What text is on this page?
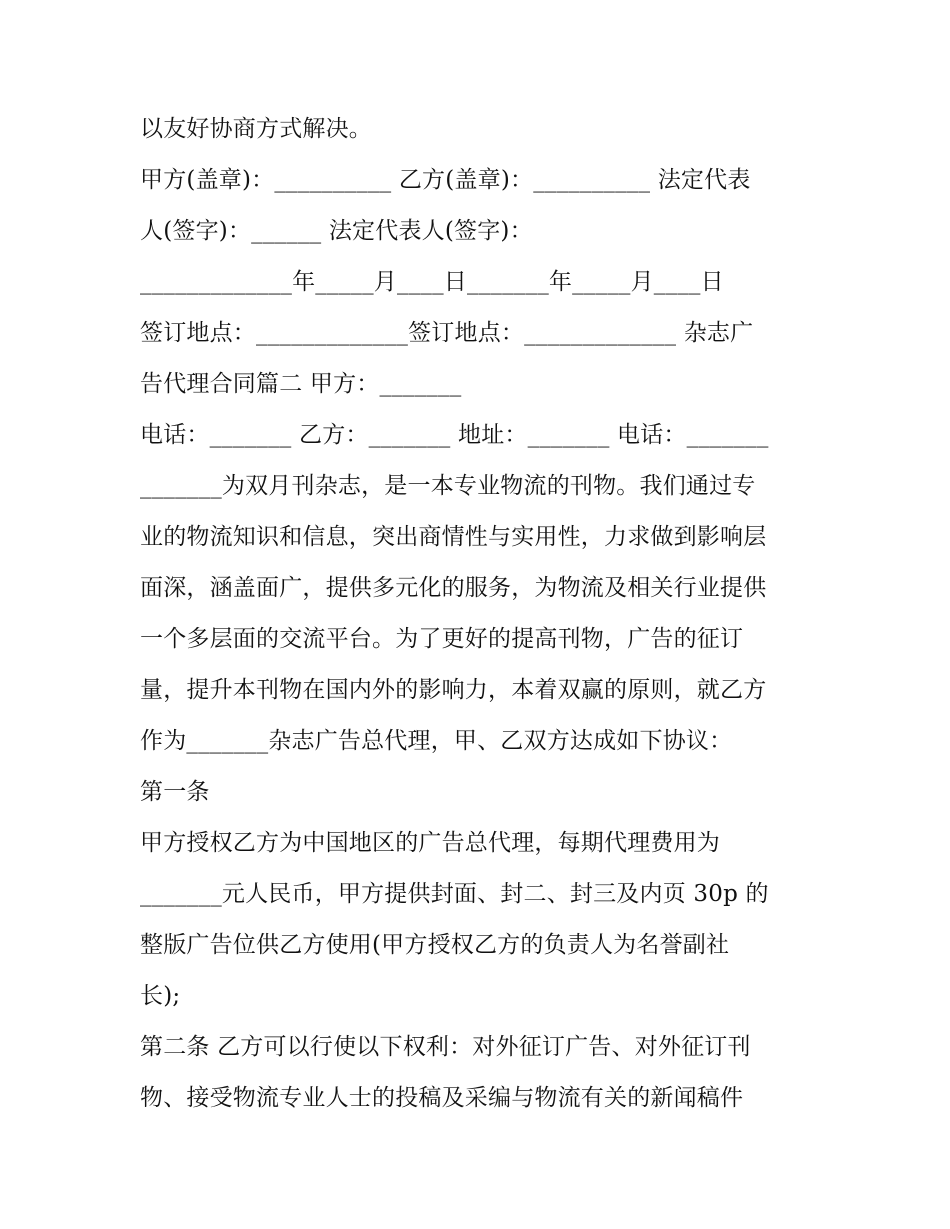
以友好协商方式解决。
甲方(盖章)：__________ 乙方(盖章)：__________ 法定代表
人(签字)：______ 法定代表人(签字)：
_____________年_____月____日_______年_____月____日
签订地点：_____________签订地点：_____________ 杂志广
告代理合同篇二 甲方：_______
电话：_______ 乙方：_______ 地址：_______ 电话：_______
_______为双月刊杂志，是一本专业物流的刊物。我们通过专
业的物流知识和信息，突出商情性与实用性，力求做到影响层
面深，涵盖面广，提供多元化的服务，为物流及相关行业提供
一个多层面的交流平台。为了更好的提高刊物，广告的征订
量，提升本刊物在国内外的影响力，本着双赢的原则，就乙方
作为_______杂志广告总代理，甲、乙双方达成如下协议：
第一条
甲方授权乙方为中国地区的广告总代理，每期代理费用为
_______元人民币，甲方提供封面、封二、封三及内页 30p 的
整版广告位供乙方使用(甲方授权乙方的负责人为名誉副社
长);
第二条 乙方可以行使以下权利：对外征订广告、对外征订刊
物、接受物流专业人士的投稿及采编与物流有关的新闻稿件
